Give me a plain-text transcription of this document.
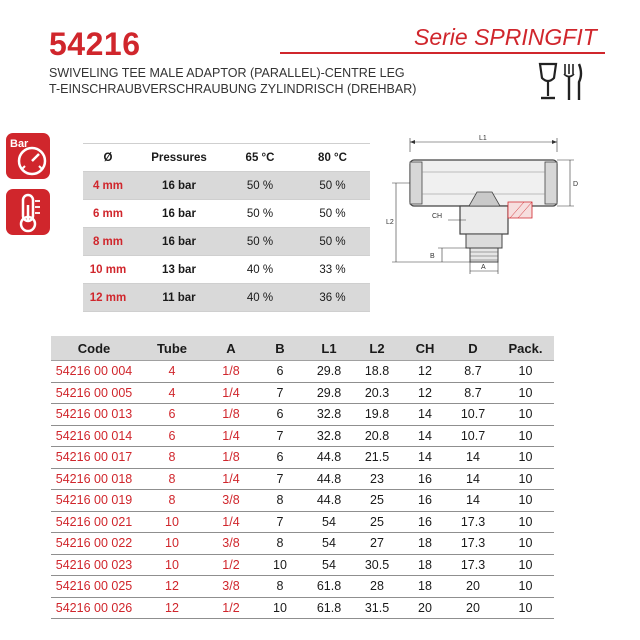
54216	Serie SPRINGFIT
SWIVELING TEE MALE ADAPTOR (PARALLEL)-CENTRE LEG
T-EINSCHRAUBVERSCHRAUBUNG ZYLINDRISCH (DREHBAR)
Bar
Ø	Pressures	65 °C	80 °C
4 mm	16 bar	50 %	50 %
6 mm	16 bar	50 %	50 %
8 mm	16 bar	50 %	50 %
10 mm	13 bar	40 %	33 %
12 mm	11 bar	40 %	36 %
L1
D
L2
CH
B
A
Code	Tube	A	B	L1	L2	CH	D	Pack.
54216 00 004	4	1/8	6	29.8	18.8	12	8.7	10
54216 00 005	4	1/4	7	29.8	20.3	12	8.7	10
54216 00 013	6	1/8	6	32.8	19.8	14	10.7	10
54216 00 014	6	1/4	7	32.8	20.8	14	10.7	10
54216 00 017	8	1/8	6	44.8	21.5	14	14	10
54216 00 018	8	1/4	7	44.8	23	16	14	10
54216 00 019	8	3/8	8	44.8	25	16	14	10
54216 00 021	10	1/4	7	54	25	16	17.3	10
54216 00 022	10	3/8	8	54	27	18	17.3	10
54216 00 023	10	1/2	10	54	30.5	18	17.3	10
54216 00 025	12	3/8	8	61.8	28	18	20	10
54216 00 026	12	1/2	10	61.8	31.5	20	20	10
